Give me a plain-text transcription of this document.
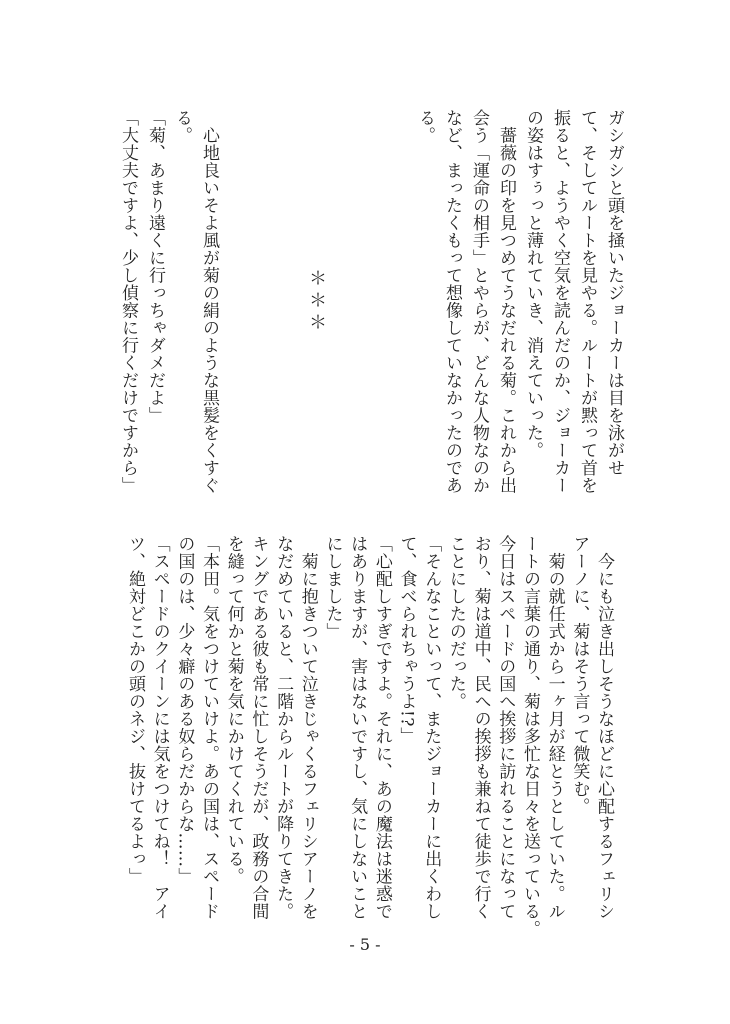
ガシガシと頭を掻いたジョーカーは目を泳がせ
て、そしてルートを見やる。ルートが黙って首を
振ると、ようやく空気を読んだのか、ジョーカー
の姿はすぅっと薄れていき、消えていった。
　薔薇の印を見つめてうなだれる菊。これから出
会う「運命の相手」とやらが、どんな人物なのか
など、まったくもって想像していなかったのであ
る。
＊＊＊
　心地良いそよ風が菊の絹のような黒髪をくすぐ
る。
「菊、あまり遠くに行っちゃダメだよ」
「大丈夫ですよ、少し偵察に行くだけですから」
　今にも泣き出しそうなほどに心配するフェリシ
アーノに、菊はそう言って微笑む。
　菊の就任式から一ヶ月が経とうとしていた。ル
ートの言葉の通り、菊は多忙な日々を送っている。
今日はスペードの国へ挨拶に訪れることになって
おり、菊は道中、民への挨拶も兼ねて徒歩で行く
ことにしたのだった。
「そんなこといって、またジョーカーに出くわし
て、食べられちゃうよ!?」
「心配しすぎですよ。それに、あの魔法は迷惑で
はありますが、害はないですし、気にしないこと
にしました」
　菊に抱きついて泣きじゃくるフェリシアーノを
なだめていると、二階からルートが降りてきた。
キングである彼も常に忙しそうだが、政務の合間
を縫って何かと菊を気にかけてくれている。
「本田。気をつけていけよ。あの国は、スペード
の国のは、少々癖のある奴らだからな……」
「スペードのクイーンには気をつけてね！　アイ
ツ、絶対どこかの頭のネジ、抜けてるよっ」
- 5 -
